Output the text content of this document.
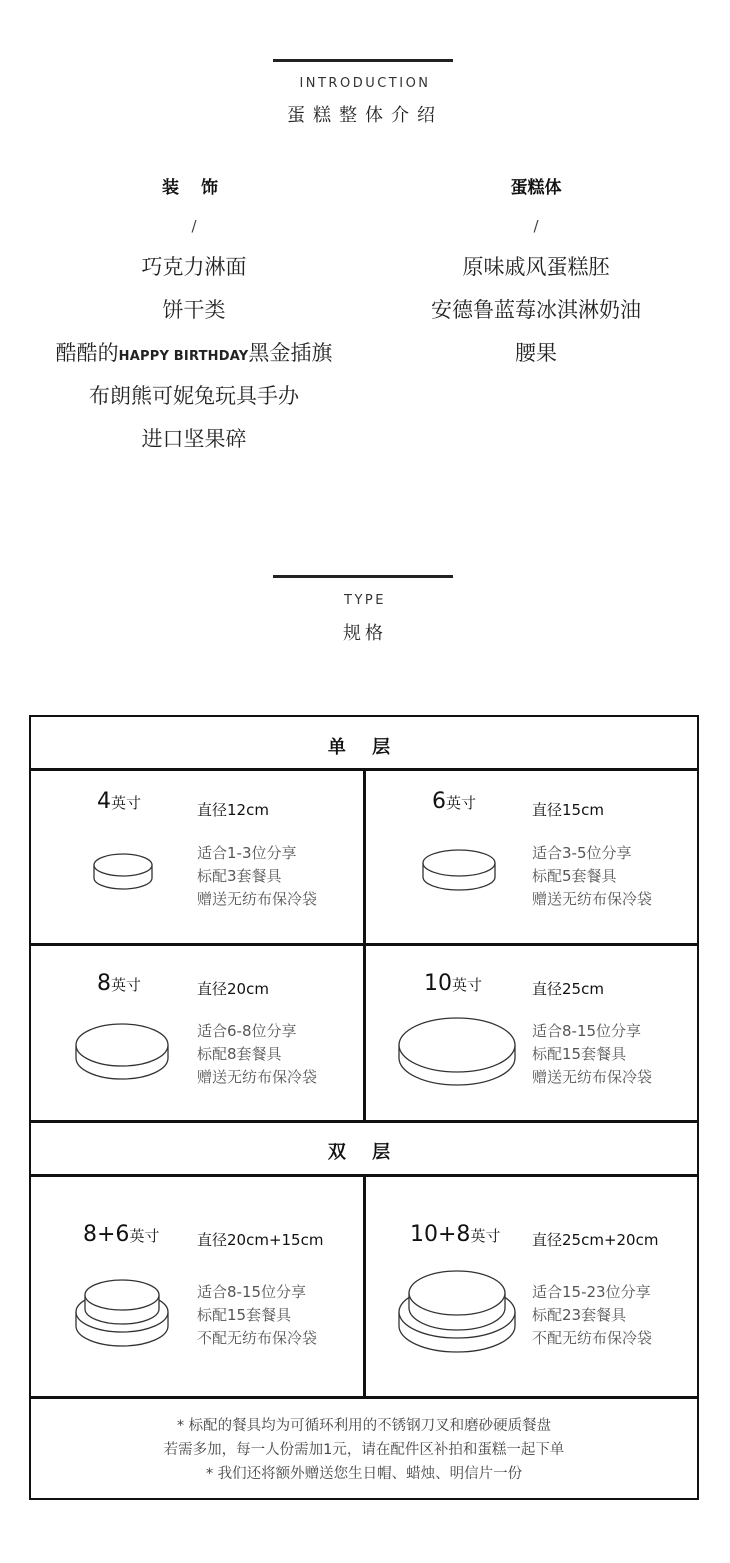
INTRODUCTION
蛋糕整体介绍
装 饰
/
巧克力淋面
饼干类
酷酷的HAPPY BIRTHDAY黑金插旗
布朗熊可妮兔玩具手办
进口坚果碎
蛋糕体
/
原味戚风蛋糕胚
安德鲁蓝莓冰淇淋奶油
腰果
TYPE
规格
单 层
双 层
4英寸	直径12cm
适合1-3位分享
标配3套餐具
赠送无纺布保冷袋
6英寸	直径15cm
适合3-5位分享
标配5套餐具
赠送无纺布保冷袋
8英寸	直径20cm
适合6-8位分享
标配8套餐具
赠送无纺布保冷袋
10英寸	直径25cm
适合8-15位分享
标配15套餐具
赠送无纺布保冷袋
8+6英寸	直径20cm+15cm
适合8-15位分享
标配15套餐具
不配无纺布保冷袋
10+8英寸 直径25cm+20cm
适合15-23位分享
标配23套餐具
不配无纺布保冷袋
* 标配的餐具均为可循环利用的不锈钢刀叉和磨砂硬质餐盘
若需多加，每一人份需加1元，请在配件区补拍和蛋糕一起下单
* 我们还将额外赠送您生日帽、蜡烛、明信片一份
